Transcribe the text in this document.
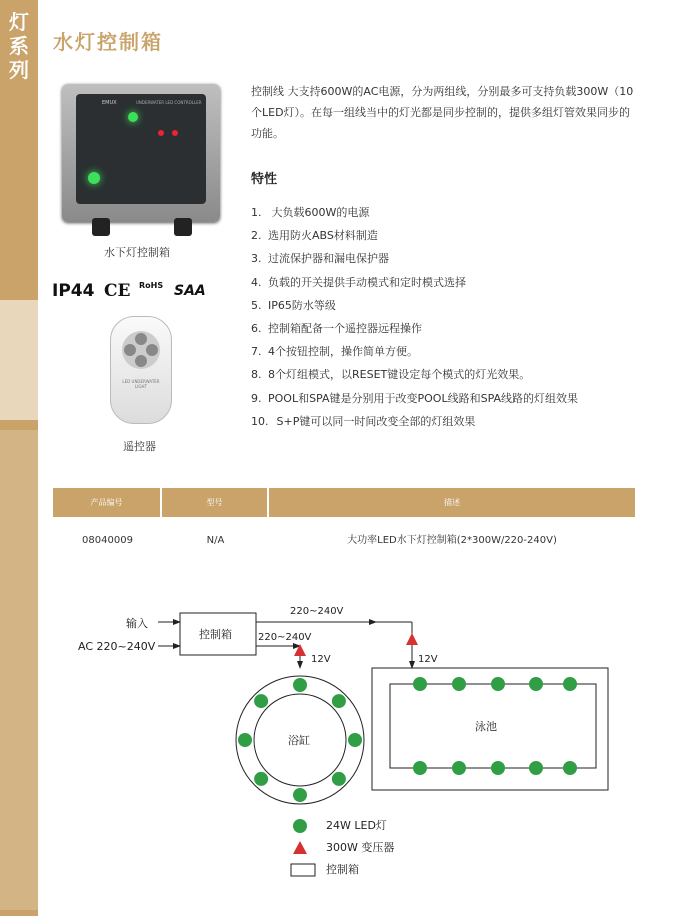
灯系列
水灯控制箱
EMUX	UNDERWATER LED CONTROLLER
水下灯控制箱
IP44 CE RoHS SAA
LED UNDERWATER LIGHT
遥控器
控制线 大支持600W的AC电源，分为两组线，分别最多可支持负载300W（10个LED灯）。在每一组线当中的灯光都是同步控制的，提供多组灯管效果同步的功能。
特性
1. 大负载600W的电源
2. 选用防火ABS材料制造
3. 过流保护器和漏电保护器
4. 负载的开关提供手动模式和定时模式选择
5. IP65防水等级
6. 控制箱配备一个遥控器远程操作
7. 4个按钮控制，操作简单方便。
8. 8个灯组模式，以RESET键设定每个模式的灯光效果。
9. POOL和SPA键是分别用于改变POOL线路和SPA线路的灯组效果
10. S+P键可以同一时间改变全部的灯组效果
产品编号	型号	描述
08040009	N/A	大功率LED水下灯控制箱(2*300W/220-240V)
输入
AC 220~240V
控制箱
220~240V
220~240V
12V	12V
浴缸
泳池
24W LED灯
300W 变压器
控制箱
